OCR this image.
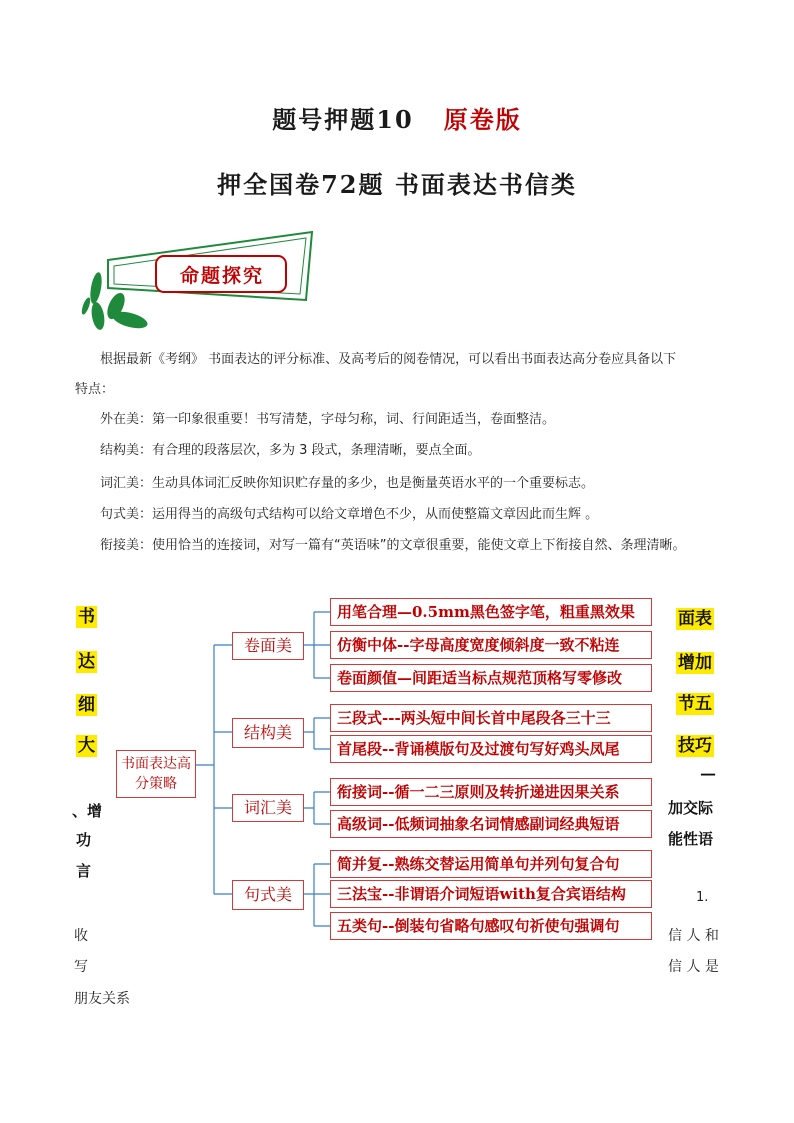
题号押题10 原卷版
押全国卷72题 书面表达书信类
命题探究
根据最新《考纲》 书面表达的评分标准、及高考后的阅卷情况，可以看出书面表达高分卷应具备以下
特点：
外在美：第一印象很重要！书写清楚，字母匀称，词、行间距适当，卷面整洁。
结构美：有合理的段落层次，多为 3 段式，条理清晰，要点全面。
词汇美：生动具体词汇反映你知识贮存量的多少，也是衡量英语水平的一个重要标志。
句式美：运用得当的高级句式结构可以给文章增色不少，从而使整篇文章因此而生辉 。
衔接美：使用恰当的连接词，对写一篇有“英语味”的文章很重要，能使文章上下衔接自然、条理清晰。
书面表达高分策略
卷面美
结构美
词汇美
句式美
用笔合理—0.5mm黑色签字笔，粗重黑效果
仿衡中体--字母高度宽度倾斜度一致不粘连
卷面颜值—间距适当标点规范顶格写零修改
三段式---两头短中间长首中尾段各三十三
首尾段--背诵模版句及过渡句写好鸡头凤尾
衔接词--循一二三原则及转折递进因果关系
高级词--低频词抽象名词情感副词经典短语
简并复--熟练交替运用简单句并列句复合句
三法宝--非谓语介词短语with复合宾语结构
五类句--倒装句省略句感叹句祈使句强调句
书
达
细
大
、增
功
言
收
写
朋友关系
面表
增加
节五
技巧
—
加交际
能性语
1.
信 人 和
信 人 是
